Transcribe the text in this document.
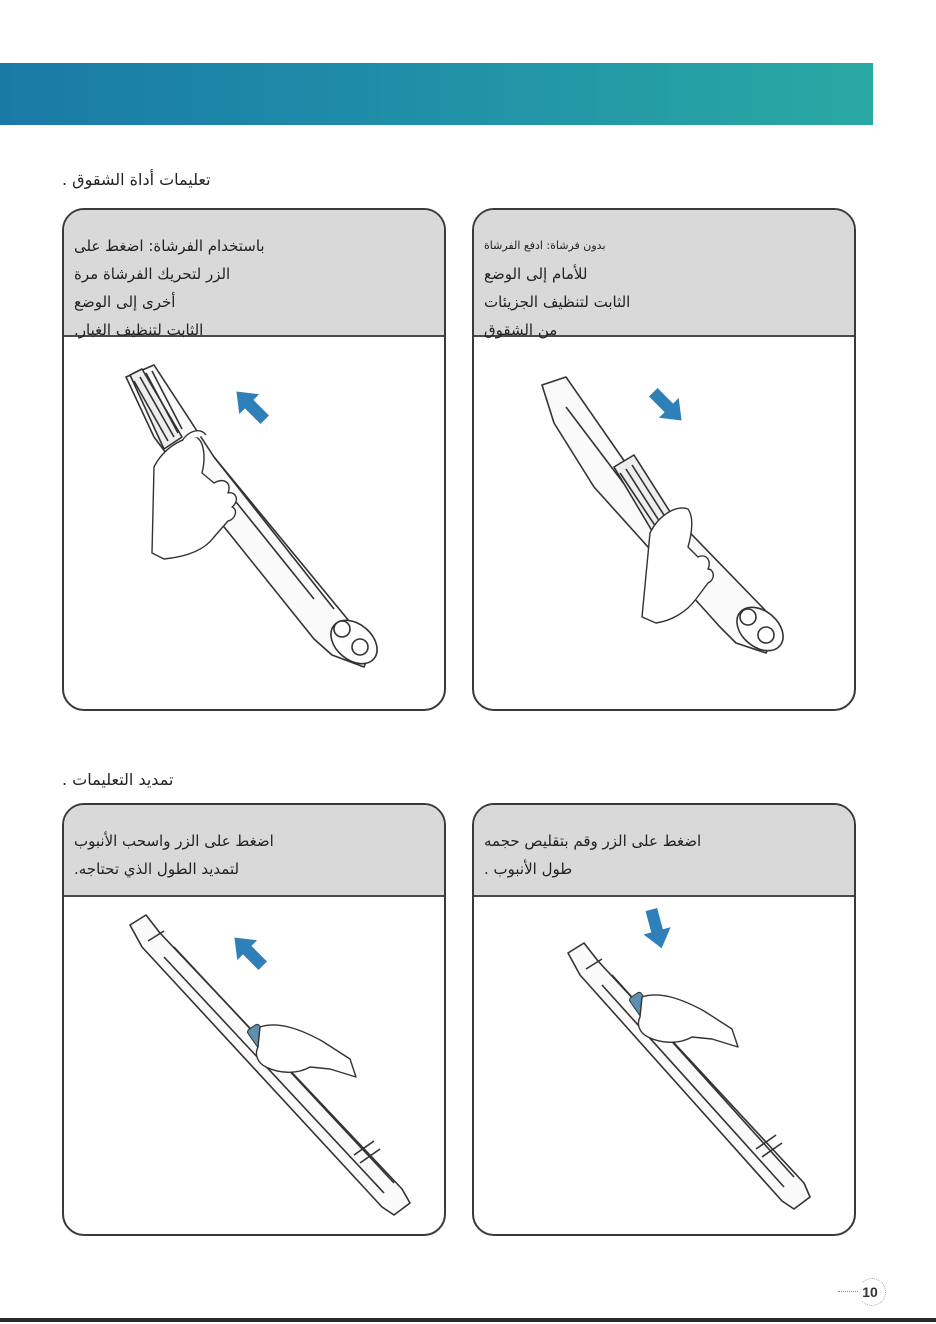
تعليمات أداة الشقوق .
باستخدام الفرشاة: اضغط على
الزر لتحريك الفرشاة مرة
أخرى إلى الوضع
الثابت لتنظيف الغبار.
بدون فرشاة: ادفع الفرشاة
للأمام إلى الوضع
الثابت لتنظيف الجزيئات
من الشقوق
تمديد التعليمات .
اضغط على الزر واسحب الأنبوب
لتمديد الطول الذي تحتاجه.
اضغط على الزر وقم بتقليص حجمه
طول الأنبوب .
10
